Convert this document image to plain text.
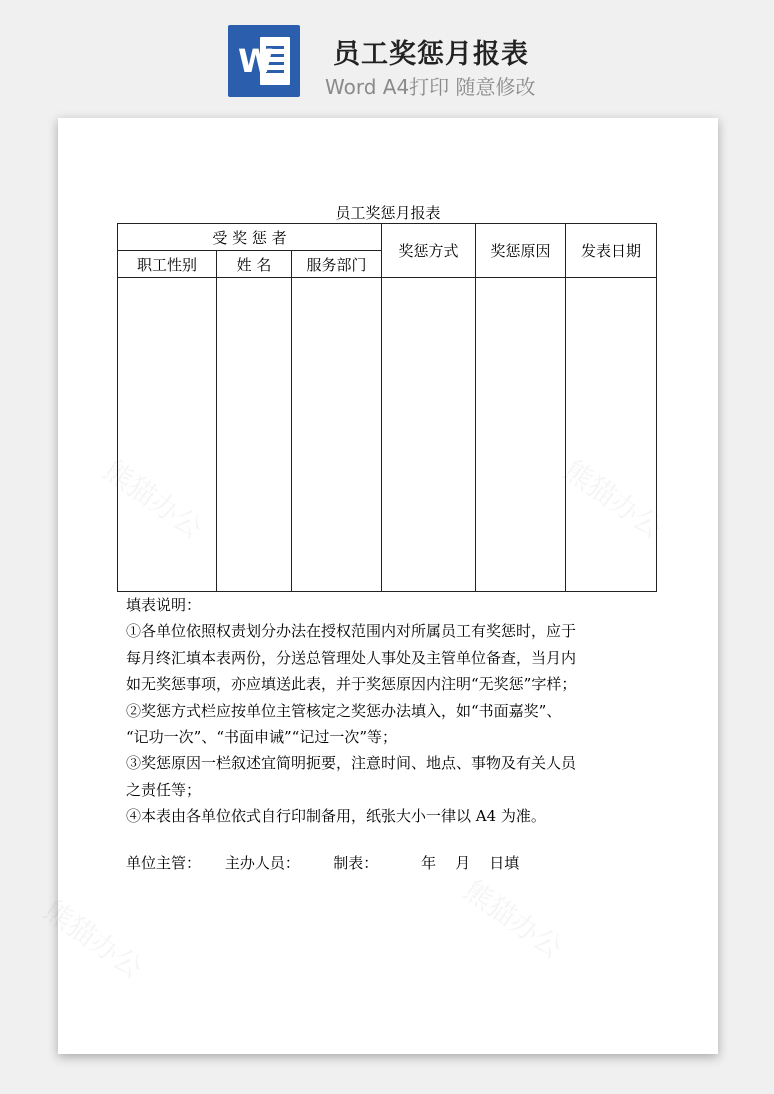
W 员工奖惩月报表
Word A4打印 随意修改
员工奖惩月报表
受 奖 惩 者			奖惩方式	奖惩原因	发表日期
职工性别	姓 名	服务部门			

填表说明：

①各单位依照权责划分办法在授权范围内对所属员工有奖惩时，应于

每月终汇填本表两份，分送总管理处人事处及主管单位备查，当月内

如无奖惩事项，亦应填送此表，并于奖惩原因内注明“无奖惩”字样；

②奖惩方式栏应按单位主管核定之奖惩办法填入，如“书面嘉奖”、

“记功一次”、“书面申诫”“记过一次”等；

③奖惩原因一栏叙述宜简明扼要，注意时间、地点、事物及有关人员

之责任等；

④本表由各单位依式自行印制备用，纸张大小一律以 A4 为准。

单位主管：     主办人员：       制表：         年    月    日填
